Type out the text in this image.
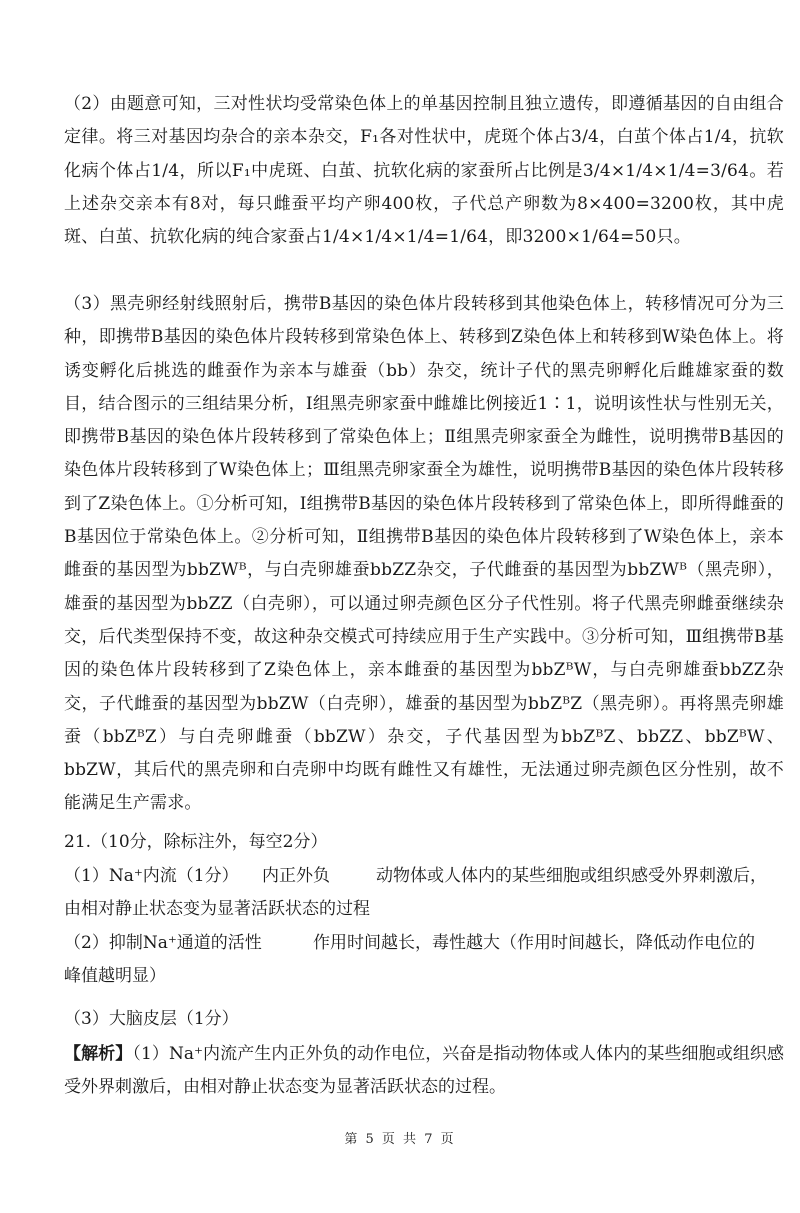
（2）由题意可知，三对性状均受常染色体上的单基因控制且独立遗传，即遵循基因的自由组合定律。将三对基因均杂合的亲本杂交，F₁各对性状中，虎斑个体占3/4，白茧个体占1/4，抗软化病个体占1/4，所以F₁中虎斑、白茧、抗软化病的家蚕所占比例是3/4×1/4×1/4=3/64。若上述杂交亲本有8对，每只雌蚕平均产卵400枚，子代总产卵数为8×400=3200枚，其中虎斑、白茧、抗软化病的纯合家蚕占1/4×1/4×1/4=1/64，即3200×1/64=50只。
（3）黑壳卵经射线照射后，携带B基因的染色体片段转移到其他染色体上，转移情况可分为三种，即携带B基因的染色体片段转移到常染色体上、转移到Z染色体上和转移到W染色体上。将诱变孵化后挑选的雌蚕作为亲本与雄蚕（bb）杂交，统计子代的黑壳卵孵化后雌雄家蚕的数目，结合图示的三组结果分析，Ⅰ组黑壳卵家蚕中雌雄比例接近1∶1，说明该性状与性别无关，即携带B基因的染色体片段转移到了常染色体上；Ⅱ组黑壳卵家蚕全为雌性，说明携带B基因的染色体片段转移到了W染色体上；Ⅲ组黑壳卵家蚕全为雄性，说明携带B基因的染色体片段转移到了Z染色体上。①分析可知，Ⅰ组携带B基因的染色体片段转移到了常染色体上，即所得雌蚕的B基因位于常染色体上。②分析可知，Ⅱ组携带B基因的染色体片段转移到了W染色体上，亲本雌蚕的基因型为bbZWᴮ，与白壳卵雄蚕bbZZ杂交，子代雌蚕的基因型为bbZWᴮ（黑壳卵），雄蚕的基因型为bbZZ（白壳卵），可以通过卵壳颜色区分子代性别。将子代黑壳卵雌蚕继续杂交，后代类型保持不变，故这种杂交模式可持续应用于生产实践中。③分析可知，Ⅲ组携带B基因的染色体片段转移到了Z染色体上，亲本雌蚕的基因型为bbZᴮW，与白壳卵雄蚕bbZZ杂交，子代雌蚕的基因型为bbZW（白壳卵），雄蚕的基因型为bbZᴮZ（黑壳卵）。再将黑壳卵雄蚕（bbZᴮZ）与白壳卵雌蚕（bbZW）杂交，子代基因型为bbZᴮZ、bbZZ、bbZᴮW、bbZW，其后代的黑壳卵和白壳卵中均既有雌性又有雄性，无法通过卵壳颜色区分性别，故不能满足生产需求。
21.（10分，除标注外，每空2分）
（1）Na⁺内流（1分） 内正外负	动物体或人体内的某些细胞或组织感受外界刺激后，
由相对静止状态变为显著活跃状态的过程
（2）抑制Na⁺通道的活性	作用时间越长，毒性越大（作用时间越长，降低动作电位的
峰值越明显）
（3）大脑皮层（1分）
【解析】（1）Na⁺内流产生内正外负的动作电位，兴奋是指动物体或人体内的某些细胞或组织感受外界刺激后，由相对静止状态变为显著活跃状态的过程。
第 5 页 共 7 页
